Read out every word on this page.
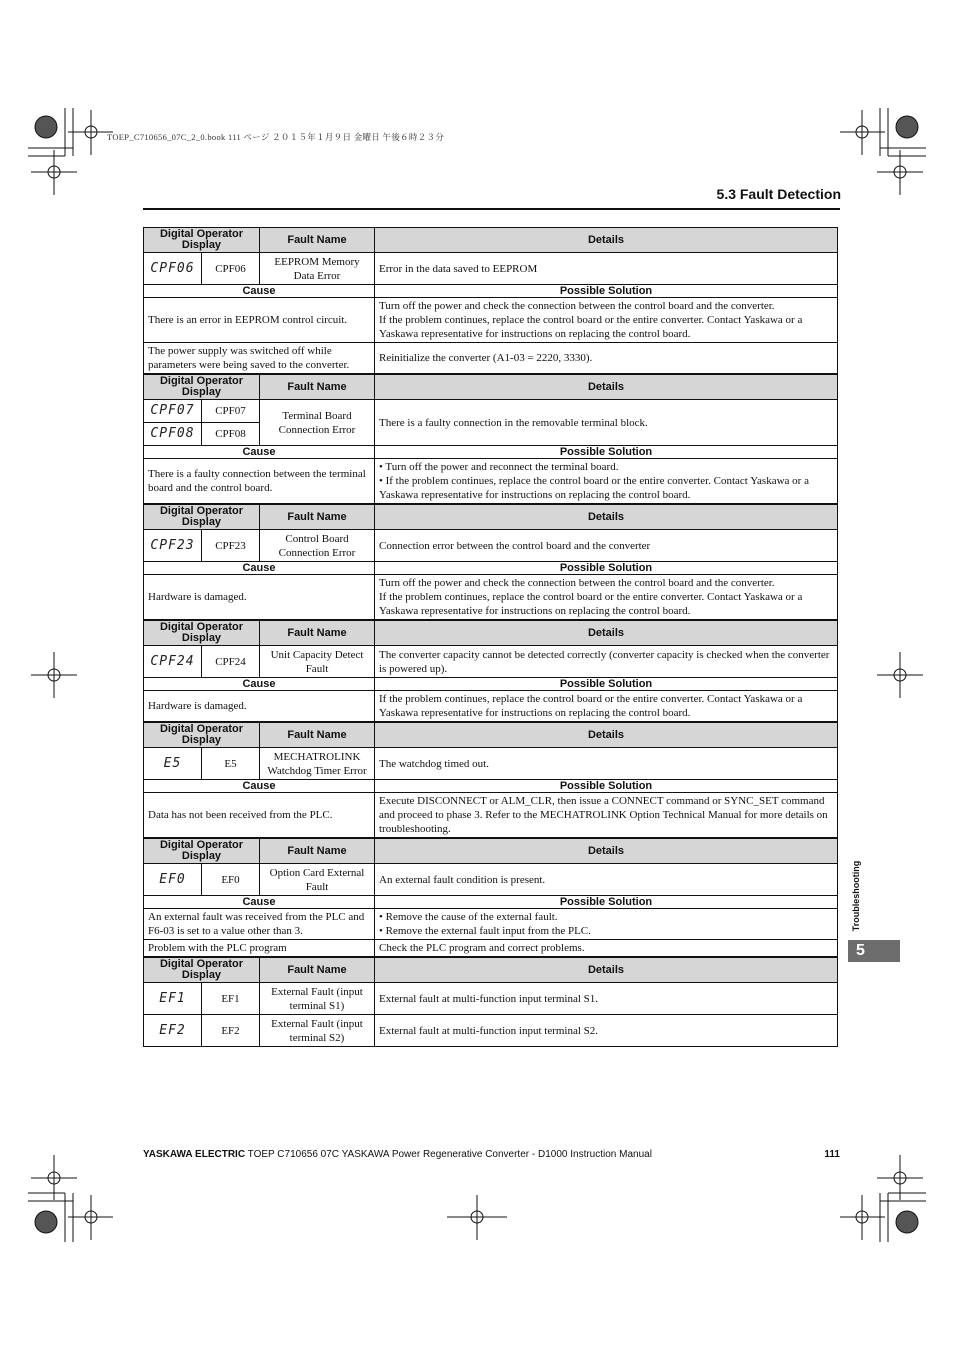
TOEP_C710656_07C_2_0.book 111 ページ ２０１５年１月９日 金曜日 午後６時２３分
5.3 Fault Detection
Digital Operator Display		Fault Name	Details
CPF06	CPF06	EEPROM Memory Data Error	Error in the data saved to EEPROM
Cause			Possible Solution
There is an error in EEPROM control circuit.			Turn off the power and check the connection between the control board and the converter.
If the problem continues, replace the control board or the entire converter. Contact Yaskawa or a Yaskawa representative for instructions on replacing the control board.
The power supply was switched off while parameters were being saved to the converter.			Reinitialize the converter (A1-03 = 2220, 3330).
Digital Operator Display		Fault Name	Details
CPF07	CPF07	Terminal Board Connection Error	There is a faulty connection in the removable terminal block.
CPF08	CPF08		
Cause			Possible Solution
There is a faulty connection between the terminal board and the control board.			• Turn off the power and reconnect the terminal board.
• If the problem continues, replace the control board or the entire converter. Contact Yaskawa or a Yaskawa representative for instructions on replacing the control board.
Digital Operator Display		Fault Name	Details
CPF23	CPF23	Control Board Connection Error	Connection error between the control board and the converter
Cause			Possible Solution
Hardware is damaged.			Turn off the power and check the connection between the control board and the converter.
If the problem continues, replace the control board or the entire converter. Contact Yaskawa or a Yaskawa representative for instructions on replacing the control board.
Digital Operator Display		Fault Name	Details
CPF24	CPF24	Unit Capacity Detect Fault	The converter capacity cannot be detected correctly (converter capacity is checked when the converter is powered up).
Cause			Possible Solution
Hardware is damaged.			If the problem continues, replace the control board or the entire converter. Contact Yaskawa or a Yaskawa representative for instructions on replacing the control board.
Digital Operator Display		Fault Name	Details
E5	E5	MECHATROLINK Watchdog Timer Error	The watchdog timed out.
Cause			Possible Solution
Data has not been received from the PLC.			Execute DISCONNECT or ALM_CLR, then issue a CONNECT command or SYNC_SET command and proceed to phase 3. Refer to the MECHATROLINK Option Technical Manual for more details on troubleshooting.
Digital Operator Display		Fault Name	Details
EF0	EF0	Option Card External Fault	An external fault condition is present.
Cause			Possible Solution
An external fault was received from the PLC and F6-03 is set to a value other than 3.			• Remove the cause of the external fault.
• Remove the external fault input from the PLC.
Problem with the PLC program			Check the PLC program and correct problems.
Digital Operator Display		Fault Name	Details
EF1	EF1	External Fault (input terminal S1)	External fault at multi-function input terminal S1.
EF2	EF2	External Fault (input terminal S2)	External fault at multi-function input terminal S2.
Troubleshooting
5
YASKAWA ELECTRIC TOEP C710656 07C YASKAWA Power Regenerative Converter - D1000 Instruction Manual	111
